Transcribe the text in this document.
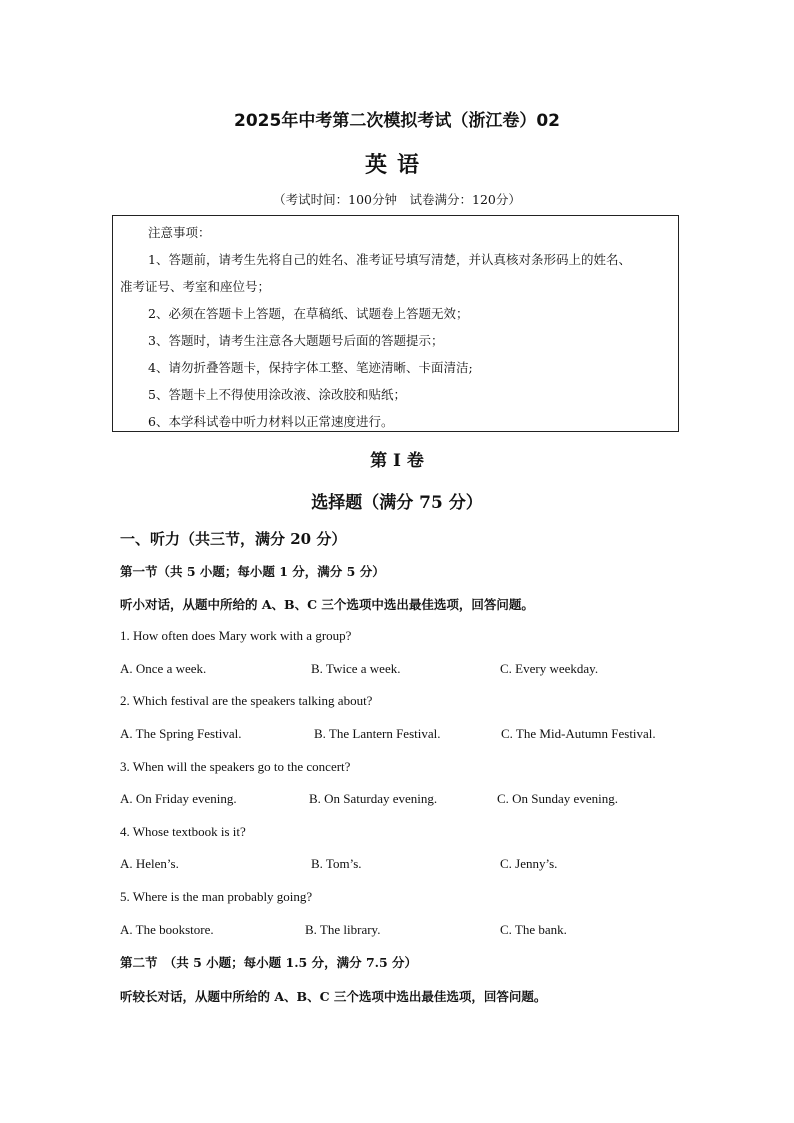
2025年中考第二次模拟考试（浙江卷）02
英语
（考试时间：100分钟　试卷满分：120分）
注意事项：
1、答题前，请考生先将自己的姓名、准考证号填写清楚，并认真核对条形码上的姓名、
准考证号、考室和座位号；
2、必须在答题卡上答题，在草稿纸、试题卷上答题无效；
3、答题时，请考生注意各大题题号后面的答题提示；
4、请勿折叠答题卡，保持字体工整、笔迹清晰、卡面清洁;
5、答题卡上不得使用涂改液、涂改胶和贴纸；
6、本学科试卷中听力材料以正常速度进行。
第 I 卷
选择题（满分 75 分）
一、听力（共三节，满分 20 分）
第一节（共 5 小题；每小题 1 分，满分 5 分）
听小对话，从题中所给的 A、B、C 三个选项中选出最佳选项，回答问题。
1. How often does Mary work with a group?
A. Once a week.	B. Twice a week.	C. Every weekday.
2. Which festival are the speakers talking about?
A. The Spring Festival.	B. The Lantern Festival.	C. The Mid-Autumn Festival.
3. When will the speakers go to the concert?
A. On Friday evening.	B. On Saturday evening.	C. On Sunday evening.
4. Whose textbook is it?
A. Helen’s.	B. Tom’s.	C. Jenny’s.
5. Where is the man probably going?
A. The bookstore.	B. The library.	C. The bank.
第二节　（共 5 小题；每小题 1.5 分，满分 7.5 分）
听较长对话，从题中所给的 A、B、C 三个选项中选出最佳选项，回答问题。
